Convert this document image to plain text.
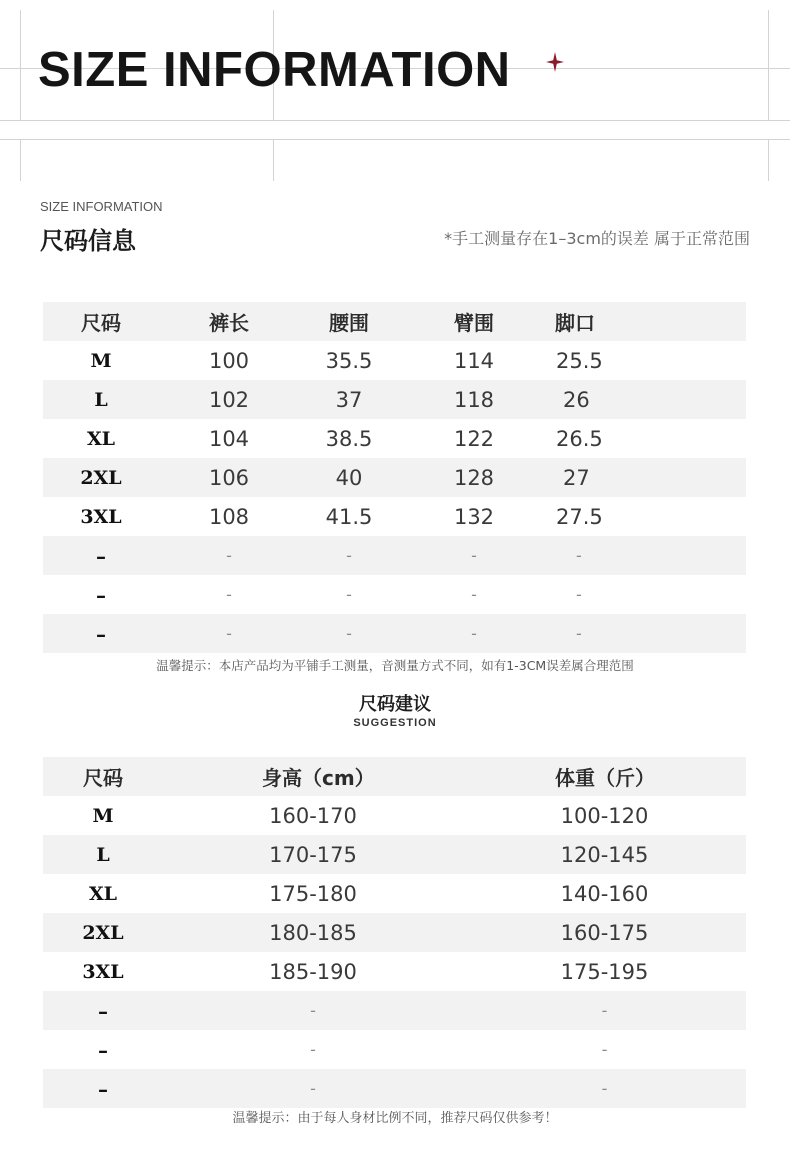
SIZE INFORMATION
SIZE INFORMATION
尺码信息	*手工测量存在1–3cm的误差 属于正常范围
尺码	裤长	腰围	臂围	脚口
M	100	35.5	114	25.5
L	102	37	118	26
XL	104	38.5	122	26.5
2XL	106	40	128	27
3XL	108	41.5	132	27.5
–	-	-	-	-
–	-	-	-	-
–	-	-	-	-
温馨提示：本店产品均为平铺手工测量，音测量方式不同，如有1-3CM误差属合理范围
尺码建议
SUGGESTION
尺码	身高（cm）	体重（斤）
M	160-170	100-120
L	170-175	120-145
XL	175-180	140-160
2XL	180-185	160-175
3XL	185-190	175-195
–	-	-
–	-	-
–	-	-
温馨提示：由于每人身材比例不同，推荐尺码仅供参考！
